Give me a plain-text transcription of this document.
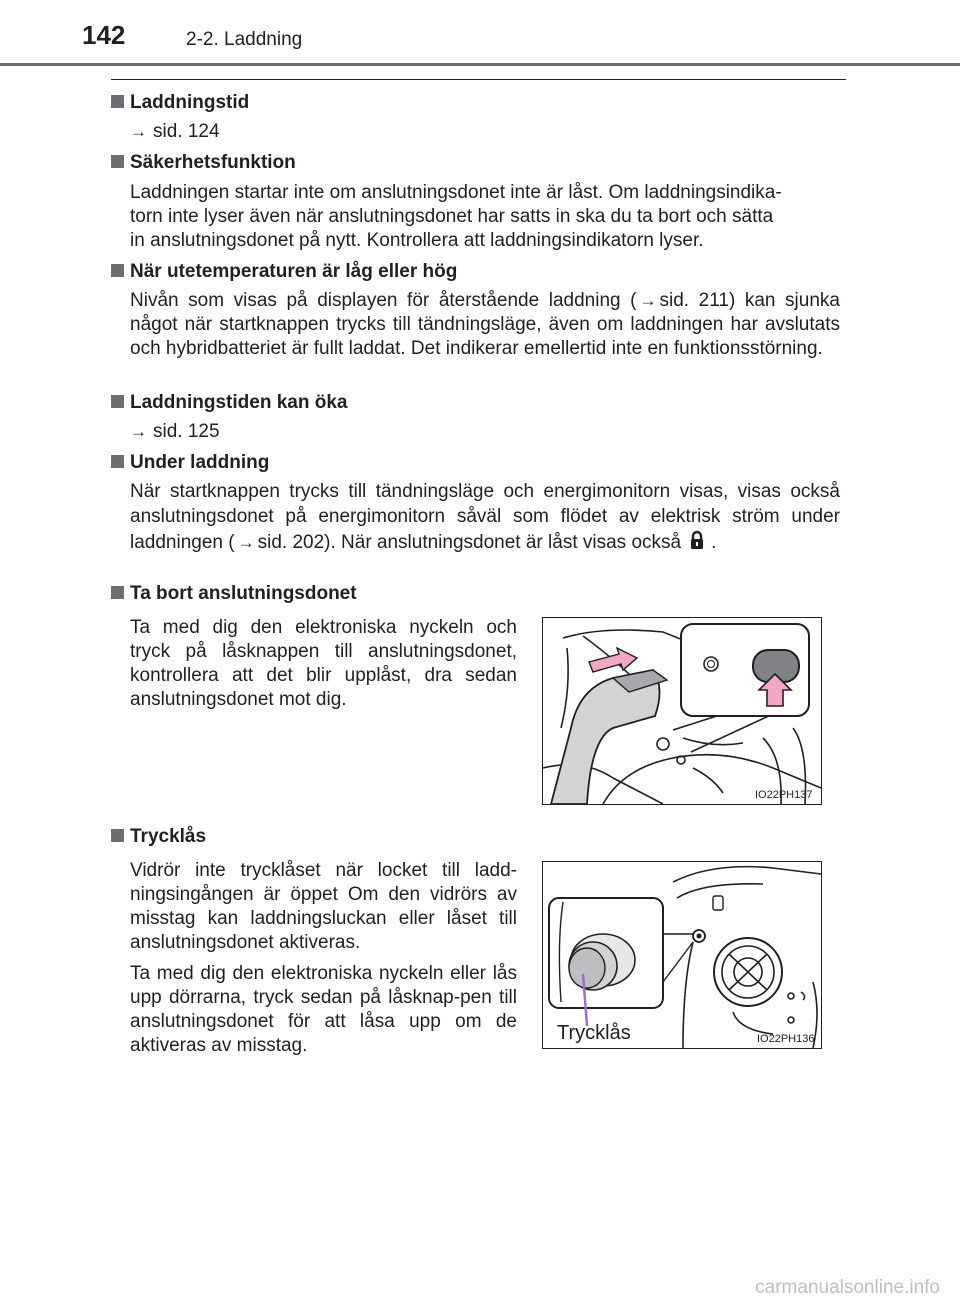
142	2-2. Laddning
Laddningstid
→ sid. 124
Säkerhetsfunktion
Laddningen startar inte om anslutningsdonet inte är låst. Om laddningsindika-
torn inte lyser även när anslutningsdonet har satts in ska du ta bort och sätta
in anslutningsdonet på nytt. Kontrollera att laddningsindikatorn lyser.
När utetemperaturen är låg eller hög
Nivån som visas på displayen för återstående laddning ( → sid. 211) kan sjunka något när startknappen trycks till tändningsläge, även om laddningen har avslutats och hybridbatteriet är fullt laddat. Det indikerar emellertid inte en funktionsstörning.
Laddningstiden kan öka
→ sid. 125
Under laddning
När startknappen trycks till tändningsläge och energimonitorn visas, visas också anslutningsdonet på energimonitorn såväl som flödet av elektrisk ström under laddningen ( → sid. 202). När anslutningsdonet är låst visas också .
Ta bort anslutningsdonet
Ta med dig den elektroniska nyckeln och tryck på låsknappen till anslutningsdonet, kontrollera att det blir upplåst, dra sedan anslutningsdonet mot dig.
IO22PH137
Trycklås
Vidrör inte trycklåset när locket till ladd-ningsingången är öppet Om den vidrörs av misstag kan laddningsluckan eller låset till anslutningsdonet aktiveras.
Ta med dig den elektroniska nyckeln eller lås upp dörrarna, tryck sedan på låsknap-pen till anslutningsdonet för att låsa upp om de aktiveras av misstag.
Trycklås	IO22PH136
carmanualsonline.info
